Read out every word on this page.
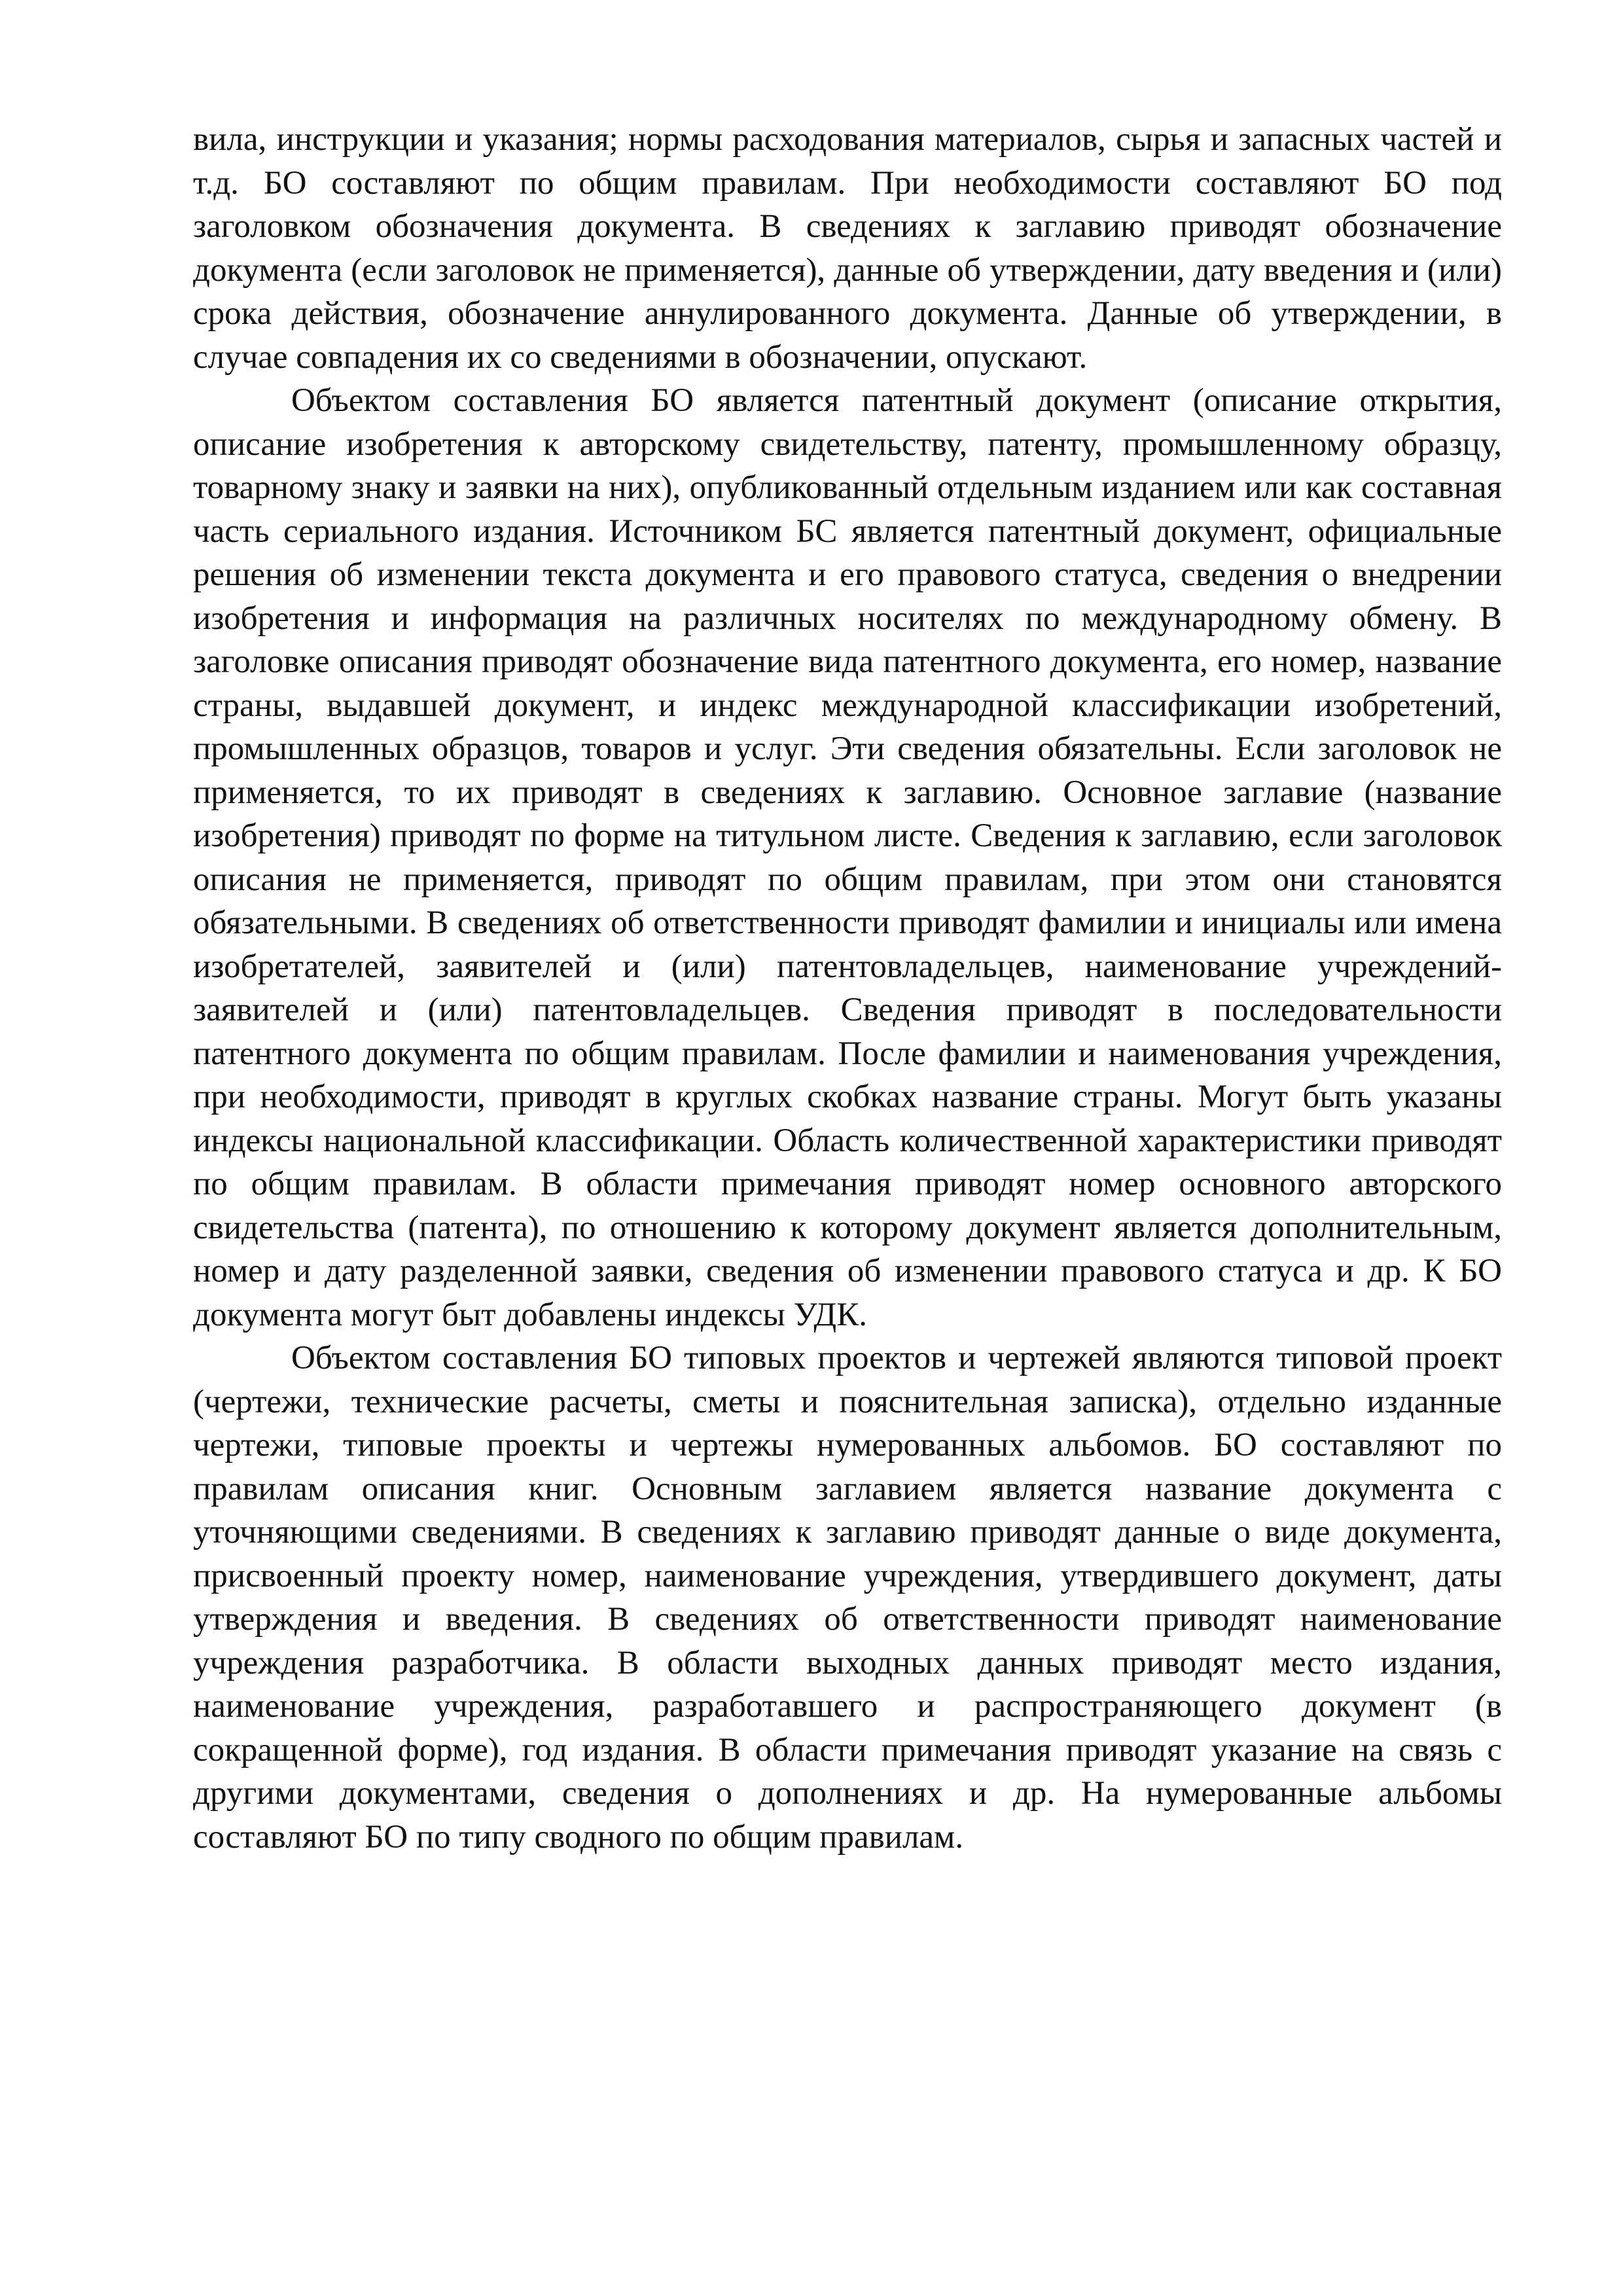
вила, инструкции и указания; нормы расходования материалов, сырья и запасных частей и т.д. БО составляют по общим правилам. При необходимости составляют БО под заголовком обозначения документа. В сведениях к заглавию приводят обозначение документа (если заголовок не применяется), данные об утверждении, дату введения и (или) срока действия, обозначение аннулированного документа. Данные об утверждении, в случае совпадения их со сведениями в обозначении, опускают.

Объектом составления БО является патентный документ (описание открытия, описание изобретения к авторскому свидетельству, патенту, промышленному образцу, товарному знаку и заявки на них), опубликованный отдельным изданием или как составная часть сериального издания. Источником БС является патентный документ, официальные решения об изменении текста документа и его правового статуса, сведения о внедрении изобретения и информация на различных носителях по международному обмену. В заголовке описания приводят обозначение вида патентного документа, его номер, название страны, выдавшей документ, и индекс международной классификации изобретений, промышленных образцов, товаров и услуг. Эти сведения обязательны. Если заголовок не применяется, то их приводят в сведениях к заглавию. Основное заглавие (название изобретения) приводят по форме на титульном листе. Сведения к заглавию, если заголовок описания не применяется, приводят по общим правилам, при этом они становятся обязательными. В сведениях об ответственности приводят фамилии и инициалы или имена изобретателей, заявителей и (или) патентовладельцев, наименование учреждений-заявителей и (или) патентовладельцев. Сведения приводят в последовательности патентного документа по общим правилам. После фамилии и наименования учреждения, при необходимости, приводят в круглых скобках название страны. Могут быть указаны индексы национальной классификации. Область количественной характеристики приводят по общим правилам. В области примечания приводят номер основного авторского свидетельства (патента), по отношению к которому документ является дополнительным, номер и дату разделенной заявки, сведения об изменении правового статуса и др. К БО документа могут быт добавлены индексы УДК.

Объектом составления БО типовых проектов и чертежей являются типовой проект (чертежи, технические расчеты, сметы и пояснительная записка), отдельно изданные чертежи, типовые проекты и чертежы нумерованных альбомов. БО составляют по правилам описания книг. Основным заглавием является название документа с уточняющими сведениями. В сведениях к заглавию приводят данные о виде документа, присвоенный проекту номер, наименование учреждения, утвердившего документ, даты утверждения и введения. В сведениях об ответственности приводят наименование учреждения разработчика. В области выходных данных приводят место издания, наименование учреждения, разработавшего и распространяющего документ (в сокращенной форме), год издания. В области примечания приводят указание на связь с другими документами, сведения о дополнениях и др. На нумерованные альбомы составляют БО по типу сводного по общим правилам.
